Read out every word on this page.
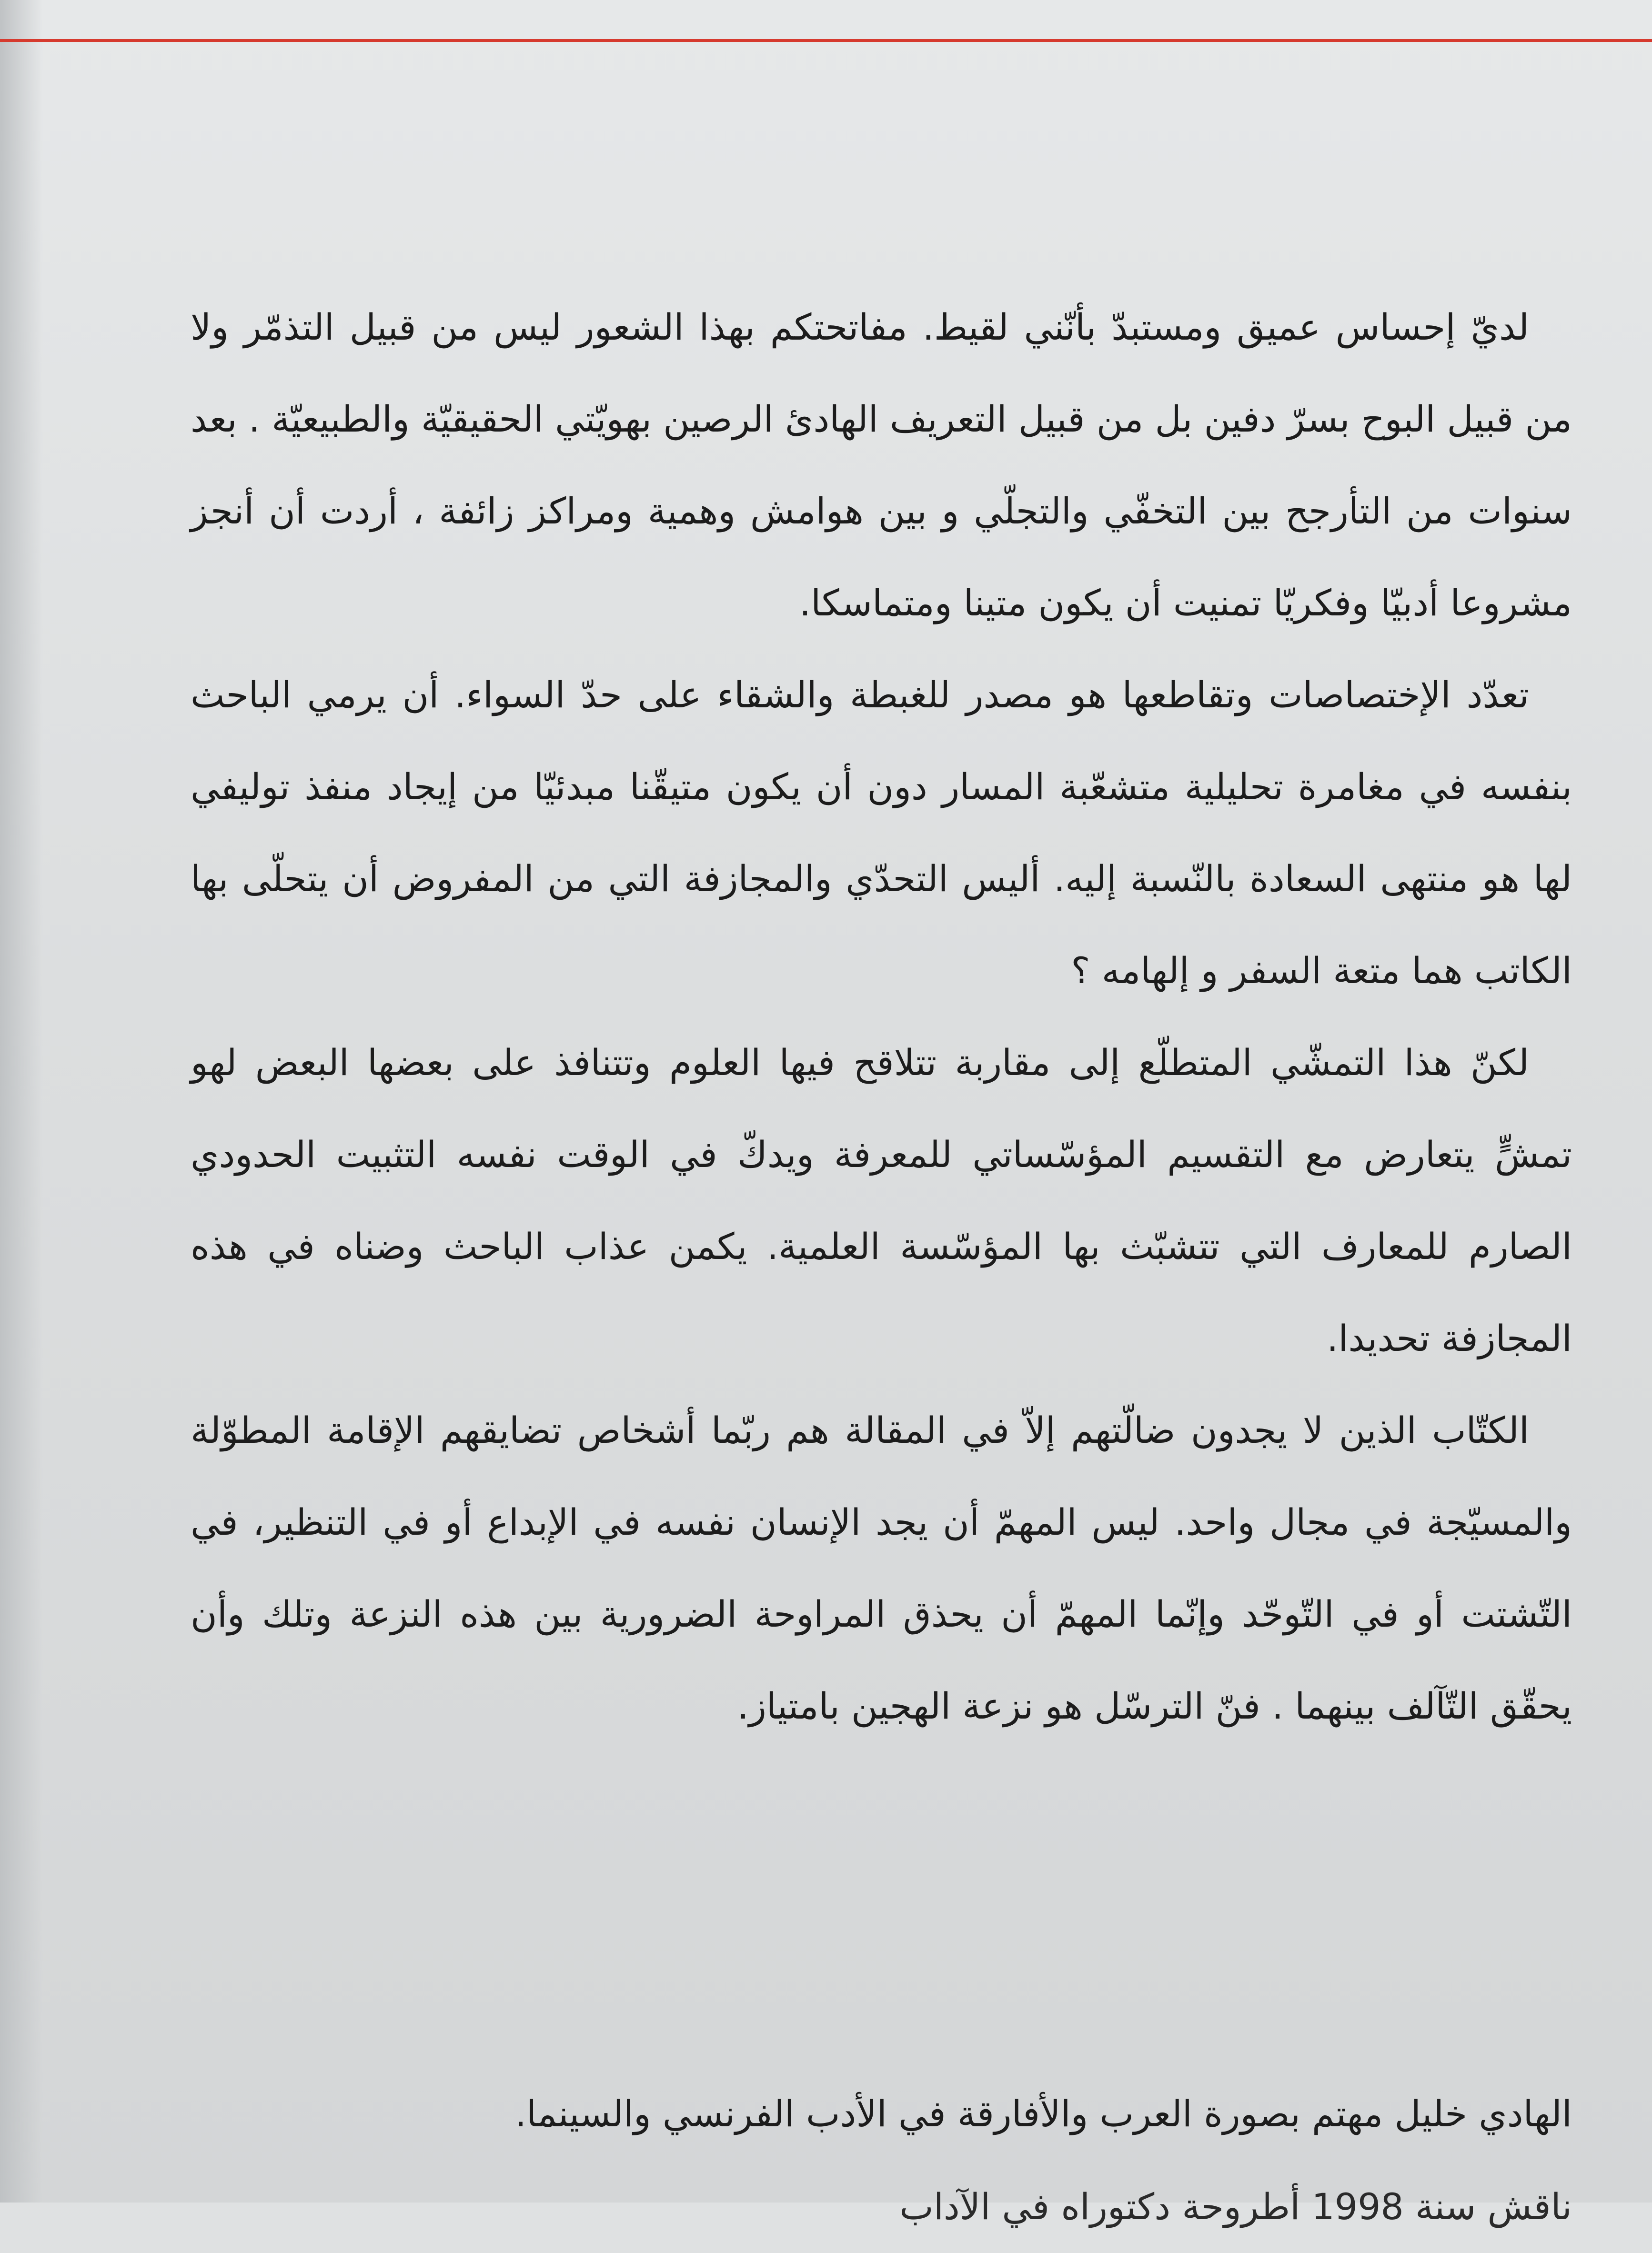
لديّ إحساس عميق ومستبدّ بأنّني لقيط. مفاتحتكم بهذا الشعور ليس من قبيل التذمّر ولا من قبيل البوح بسرّ دفين بل من قبيل التعريف الهادئ الرصين بهويّتي الحقيقيّة والطبيعيّة . بعد سنوات من التأرجح بين التخفّي والتجلّي و بين هوامش وهمية ومراكز زائفة ، أردت أن أنجز مشروعا أدبيّا وفكريّا تمنيت أن يكون متينا ومتماسكا.

تعدّد الإختصاصات وتقاطعها هو مصدر للغبطة والشقاء على حدّ السواء. أن يرمي الباحث بنفسه في مغامرة تحليلية متشعّبة المسار دون أن يكون متيقّنا مبدئيّا من إيجاد منفذ توليفي لها هو منتهى السعادة بالنّسبة إليه. أليس التحدّي والمجازفة التي من المفروض أن يتحلّى بها الكاتب هما متعة السفر و إلهامه ؟

لكنّ هذا التمشّي المتطلّع إلى مقاربة تتلاقح فيها العلوم وتتنافذ على بعضها البعض لهو تمشٍّ يتعارض مع التقسيم المؤسّساتي للمعرفة ويدكّ في الوقت نفسه التثبيت الحدودي الصارم للمعارف التي تتشبّث بها المؤسّسة العلمية. يكمن عذاب الباحث وضناه في هذه المجازفة تحديدا.

الكتّاب الذين لا يجدون ضالّتهم إلاّ في المقالة هم ربّما أشخاص تضايقهم الإقامة المطوّلة والمسيّجة في مجال واحد. ليس المهمّ أن يجد الإنسان نفسه في الإبداع أو في التنظير، في التّشتت أو في التّوحّد وإنّما المهمّ أن يحذق المراوحة الضرورية بين هذه النزعة وتلك وأن يحقّق التّآلف بينهما . فنّ الترسّل هو نزعة الهجين بامتياز.

الهادي خليل مهتم بصورة العرب والأفارقة في الأدب الفرنسي والسينما.

ناقش سنة 1998 أطروحة دكتوراه في الآداب
